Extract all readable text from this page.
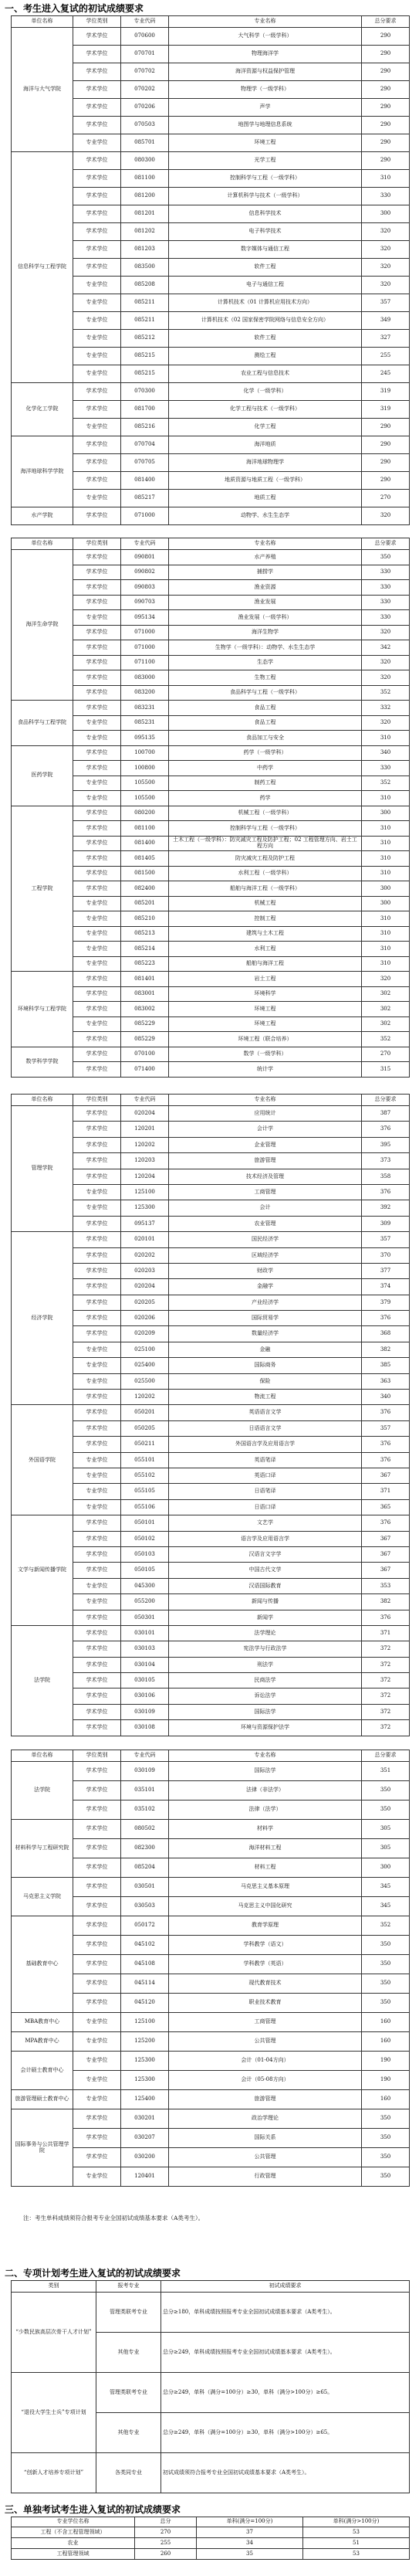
一、考生进入复试的初试成绩要求
单位名称	学位类别	专业代码	专业名称	总分要求
海洋与大气学院	学术学位	070600	大气科学（一级学科）	290
	学术学位	070701	物理海洋学	290
	学术学位	070702	海洋资源与权益保护管理	290
	学术学位	070202	物理学（一级学科）	290
	学术学位	070206	声学	290
	学术学位	070503	地图学与地理信息系统	290
	专业学位	085701	环境工程	290
信息科学与工程学院	学术学位	080300	光学工程	290
	学术学位	081100	控制科学与工程（一级学科）	310
	学术学位	081200	计算机科学与技术（一级学科）	330
	学术学位	081201	信息科学技术	300
	学术学位	081202	电子科学技术	320
	学术学位	081203	数字媒体与通信工程	320
	学术学位	083500	软件工程	320
	专业学位	085208	电子与通信工程	320
	专业学位	085211	计算机技术（01 计算机应用技术方向）	357
	专业学位	085211	计算机技术（02 国家保密学院网络与信息安全方向）	349
	专业学位	085212	软件工程	327
	专业学位	085215	测绘工程	255
	专业学位	085215	农业工程与信息技术	245
化学化工学院	学术学位	070300	化学（一级学科）	319
	学术学位	081700	化学工程与技术（一级学科）	319
	专业学位	085216	化学工程	290
海洋地球科学学院	学术学位	070704	海洋地质	290
	学术学位	070705	海洋地球物理学	290
	学术学位	081400	地质资源与地质工程（一级学科）	290
	专业学位	085217	地质工程	270
水产学院	学术学位	071000	动物学、水生生态学	320
单位名称	学位类别	专业代码	专业名称	总分要求
海洋生命学院	学术学位	090801	水产养殖	350
	学术学位	090802	捕捞学	330
	学术学位	090803	渔业资源	330
	学术学位	090703	渔业发展	330
	专业学位	095134	渔业发展（一级学科）	330
	学术学位	071000	海洋生物学	320
	学术学位	071000	生物学（一级学科）：动物学、水生生态学	342
	学术学位	071100	生态学	320
	学术学位	083000	生物工程	320
	学术学位	083200	食品科学与工程（一级学科）	352
食品科学与工程学院	学术学位	083231	食品工程	332
	专业学位	085231	食品工程	320
	专业学位	095135	食品加工与安全	310
医药学院	学术学位	100700	药学（一级学科）	340
	学术学位	100800	中药学	330
	专业学位	105500	制药工程	352
	专业学位	105500	药学	310
工程学院	学术学位	080200	机械工程（一级学科）	300
	学术学位	081100	控制科学与工程（一级学科）	310
	学术学位	081400	土木工程（一级学科）：防灾减灾工程及防护工程；02 工程管理方向、岩土工程方向	310
	学术学位	081405	防灾减灾工程及防护工程	310
	学术学位	081500	水利工程（一级学科）	310
	学术学位	082400	船舶与海洋工程（一级学科）	300
	专业学位	085201	机械工程	300
	专业学位	085210	控制工程	310
	专业学位	085213	建筑与土木工程	310
	专业学位	085214	水利工程	310
	专业学位	085223	船舶与海洋工程	310
环境科学与工程学院	学术学位	081401	岩土工程	320
	学术学位	083001	环境科学	302
	学术学位	083002	环境工程	302
	专业学位	085229	环境工程	302
	学术学位	085229	环境工程（联合培养）	352
数学科学学院	学术学位	070100	数学（一级学科）	270
	学术学位	071400	统计学	315
单位名称	学位类别	专业代码	专业名称	总分要求
管理学院	学术学位	020204	应用统计	387
	学术学位	120201	会计学	376
	学术学位	120202	企业管理	395
	学术学位	120203	旅游管理	373
	学术学位	120204	技术经济及管理	358
	专业学位	125100	工商管理	376
	专业学位	125300	会计	392
	学术学位	095137	农业管理	309
经济学院	学术学位	020101	国民经济学	357
	学术学位	020202	区域经济学	370
	学术学位	020203	财政学	377
	学术学位	020204	金融学	374
	学术学位	020205	产业经济学	379
	学术学位	020206	国际贸易学	376
	学术学位	020209	数量经济学	368
	专业学位	025100	金融	382
	专业学位	025400	国际商务	385
	专业学位	025500	保险	363
	学术学位	120202	物流工程	340
外国语学院	学术学位	050201	英语语言文学	376
	学术学位	050205	日语语言文学	357
	学术学位	050211	外国语言学及应用语言学	376
	专业学位	055101	英语笔译	376
	专业学位	055102	英语口译	367
	专业学位	055105	日语笔译	371
	专业学位	055106	日语口译	365
文学与新闻传播学院	学术学位	050101	文艺学	376
	学术学位	050102	语言学及应用语言学	367
	学术学位	050103	汉语言文字学	367
	学术学位	050105	中国古代文学	367
	专业学位	045300	汉语国际教育	353
	专业学位	055200	新闻与传播	382
	学术学位	050301	新闻学	376
法学院	学术学位	030101	法学理论	371
	学术学位	030103	宪法学与行政法学	372
	学术学位	030104	刑法学	372
	学术学位	030105	民商法学	372
	学术学位	030106	诉讼法学	372
	学术学位	030109	国际法学	372
	学术学位	030108	环境与资源保护法学	372
单位名称	学位类别	专业代码	专业名称	总分要求
法学院	学术学位	030109	国际法学	351
	学术学位	035101	法律（非法学）	350
	学术学位	035102	法律（法学）	350
材料科学与工程研究院	学术学位	080502	材料学	305
	学术学位	082300	海洋材料工程	305
	学术学位	085204	材料工程	300
马克思主义学院	学术学位	030501	马克思主义基本原理	345
	学术学位	030503	马克思主义中国化研究	345
基础教育中心	学术学位	050172	教育学原理	352
	学术学位	045102	学科教学（语文）	350
	学术学位	045108	学科教学（英语）	350
	学术学位	045114	现代教育技术	350
	学术学位	045120	职业技术教育	350
MBA教育中心	专业学位	125100	工商管理	160
MPA教育中心	专业学位	125200	公共管理	160
会计硕士教育中心	专业学位	125300	会计（01-04方向）	190
	专业学位	125300	会计（05-08方向）	190
旅游管理硕士教育中心	专业学位	125400	旅游管理	160
国际事务与公共管理学院	学术学位	030201	政治学理论	350
	学术学位	030207	国际关系	350
	学术学位	030200	公共管理	350
	专业学位	120401	行政管理	350
注：考生单科成绩须符合报考专业全国初试成绩基本要求（A类考生）。
二、专项计划考生进入复试的初试成绩要求
类别	报考专业	初试成绩要求
“少数民族高层次骨干人才计划”	管理类联考专业	总分≥180，单科成绩按照报考专业全国初试成绩基本要求（A类考生）。
	其他专业	总分≥249，单科成绩按照报考专业全国初试成绩基本要求（A类考生）。
“退役大学生士兵”专项计划	管理类联考专业	总分≥249，单科（满分=100分）≥30，单科（满分>100分）≥65。
	其他专业	总分≥249，单科（满分=100分）≥30，单科（满分>100分）≥65。
“创新人才培养专项计划”	各类同专业	初试成绩须符合报考专业全国初试成绩基本要求（A类考生）。
三、单独考试考生进入复试的初试成绩要求
专业学位名称	总分	单科(满分=100分)	单科(满分>100分)
工程（不含工程管理领域）	270	37	53
农业	255	34	51
工程管理领域	260	35	53
